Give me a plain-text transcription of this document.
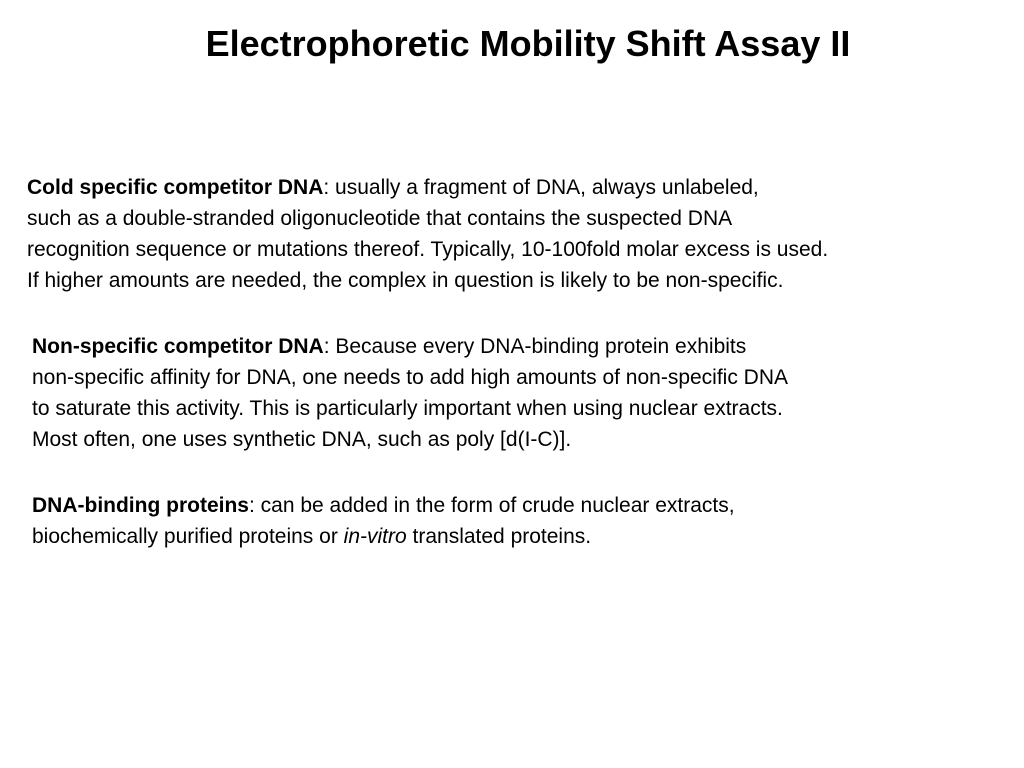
Electrophoretic Mobility Shift Assay II
Cold specific competitor DNA: usually a fragment of DNA, always unlabeled,
such as a double-stranded oligonucleotide that contains the suspected DNA
recognition sequence or mutations thereof. Typically, 10-100fold molar excess is used.
If higher amounts are needed, the complex in question is likely to be non-specific.
Non-specific competitor DNA: Because every DNA-binding protein exhibits
non-specific affinity for DNA, one needs to add high amounts of non-specific DNA
to saturate this activity. This is particularly important when using nuclear extracts.
Most often, one uses synthetic DNA, such as poly [d(I-C)].
DNA-binding proteins: can be added in the form of crude nuclear extracts,
biochemically purified proteins or in-vitro translated proteins.
